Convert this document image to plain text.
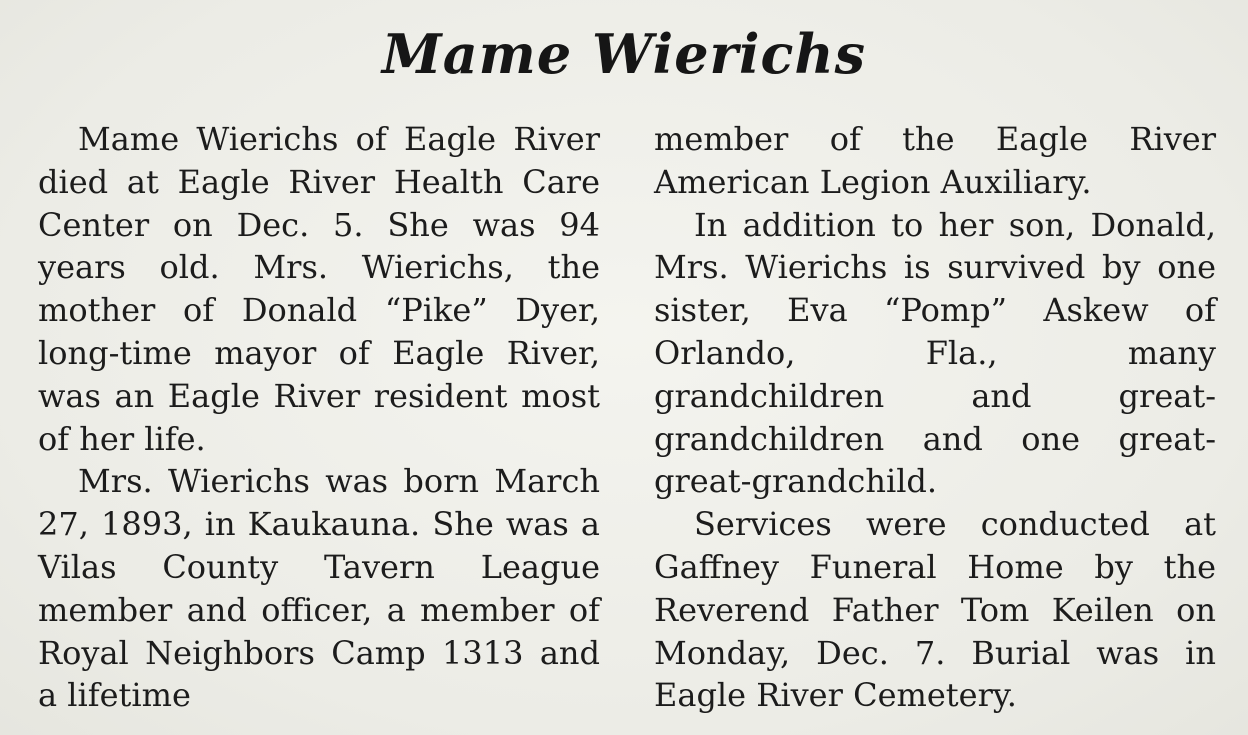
Mame Wierichs

Mame Wierichs of Eagle River died at Eagle River Health Care Center on Dec. 5. She was 94 years old. Mrs. Wierichs, the mother of Donald “Pike” Dyer, long-time mayor of Eagle River, was an Eagle River resident most of her life.

Mrs. Wierichs was born March 27, 1893, in Kaukauna. She was a Vilas County Tavern League member and officer, a member of Royal Neighbors Camp 1313 and a lifetime

member of the Eagle River American Legion Auxiliary.

In addition to her son, Donald, Mrs. Wierichs is survived by one sister, Eva “Pomp” Askew of Orlando, Fla., many grandchildren and great-grandchildren and one great-great-grandchild.

Services were conducted at Gaffney Funeral Home by the Reverend Father Tom Keilen on Monday, Dec. 7. Burial was in Eagle River Cemetery.
